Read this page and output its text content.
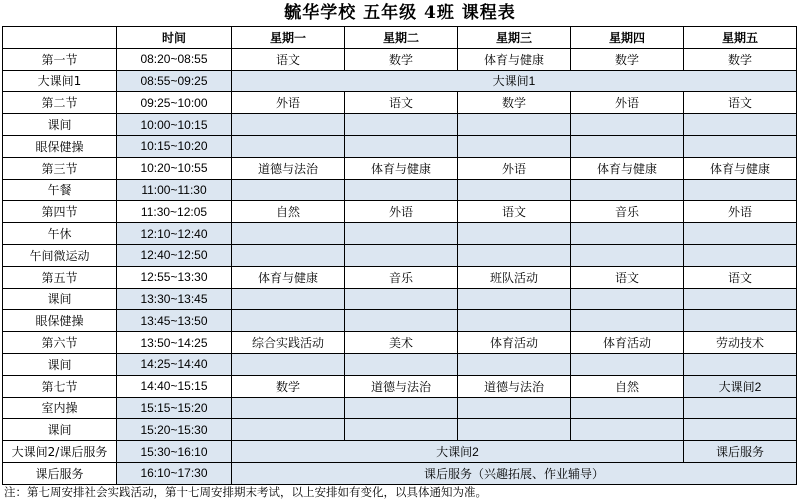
毓华学校 五年级 4班 课程表
	时间	星期一	星期二	星期三	星期四	星期五
第一节	08:20~08:55	语文	数学	体育与健康	数学	数学
大课间1	08:55~09:25	大课间1				
第二节	09:25~10:00	外语	语文	数学	外语	语文
课间	10:00~10:15					
眼保健操	10:15~10:20					
第三节	10:20~10:55	道德与法治	体育与健康	外语	体育与健康	体育与健康
午餐	11:00~11:30					
第四节	11:30~12:05	自然	外语	语文	音乐	外语
午休	12:10~12:40					
午间微运动	12:40~12:50					
第五节	12:55~13:30	体育与健康	音乐	班队活动	语文	语文
课间	13:30~13:45					
眼保健操	13:45~13:50					
第六节	13:50~14:25	综合实践活动	美术	体育活动	体育活动	劳动技术
课间	14:25~14:40					
第七节	14:40~15:15	数学	道德与法治	道德与法治	自然	大课间2
室内操	15:15~15:20					
课间	15:20~15:30					
大课间2/课后服务	15:30~16:10	大课间2				课后服务
课后服务	16:10~17:30	课后服务（兴趣拓展、作业辅导）				
注：第七周安排社会实践活动，第十七周安排期末考试，以上安排如有变化，以具体通知为准。
